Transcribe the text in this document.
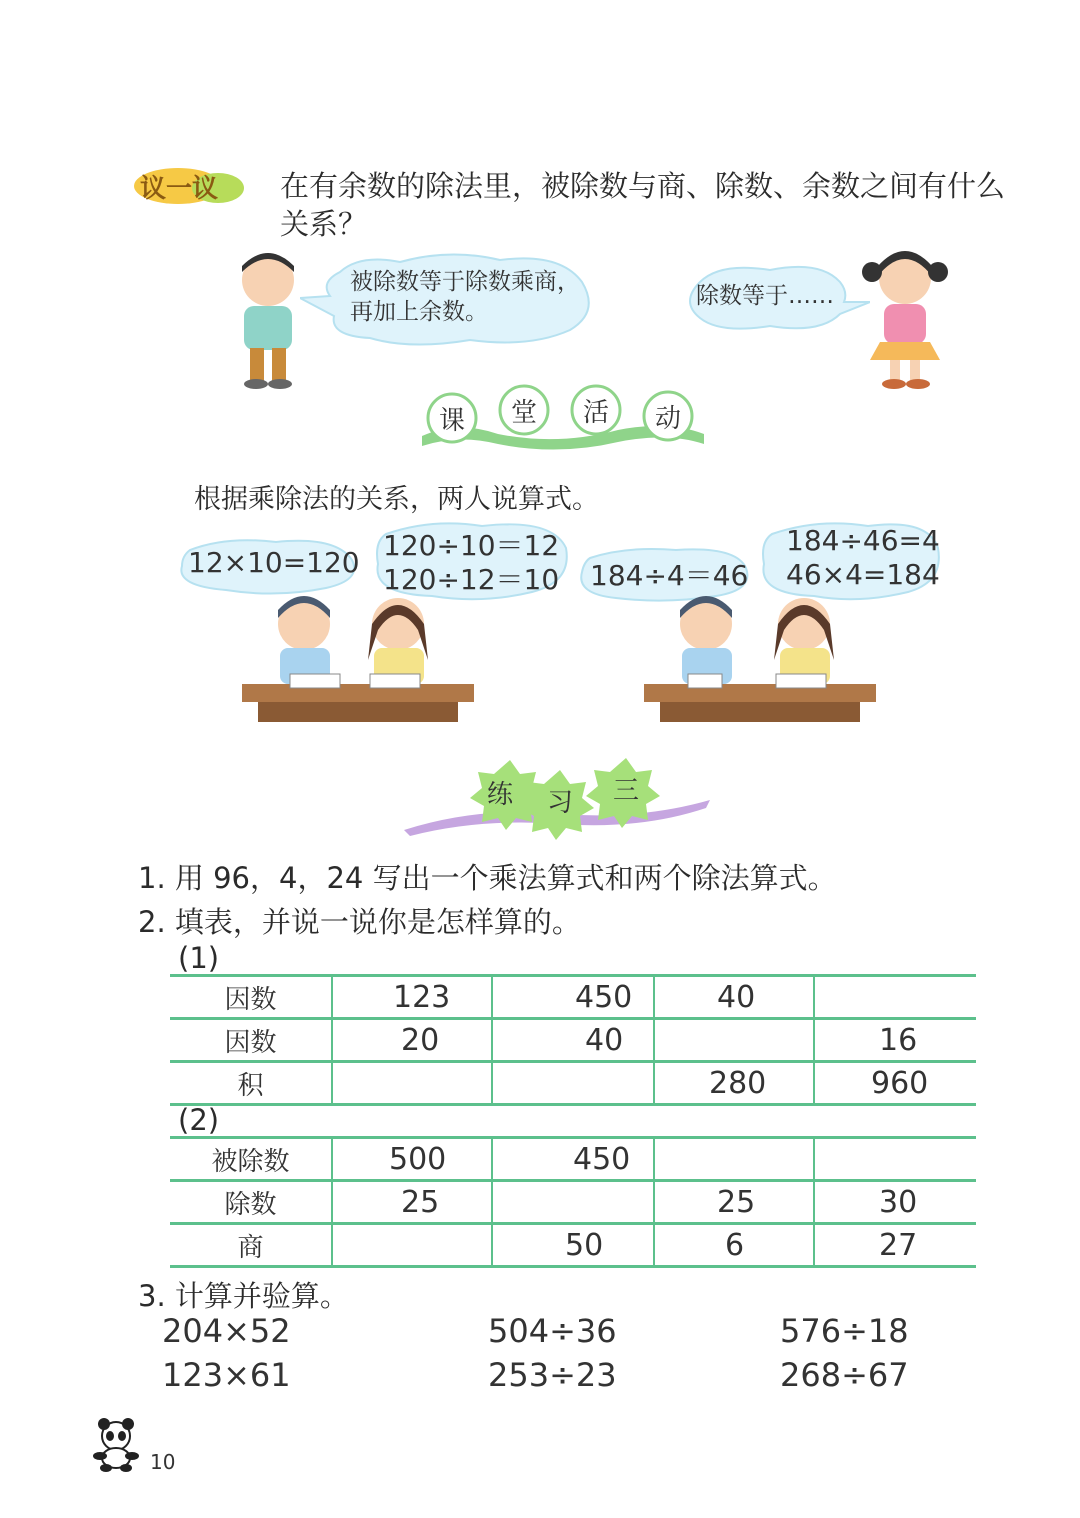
议一议 在有余数的除法里，被除数与商、除数、余数之间有什么
关系？
被除数等于除数乘商，
再加上余数。
除数等于……
课 堂 活 动
根据乘除法的关系，两人说算式。
12×10=120
120÷10＝12
120÷12＝10 184÷4＝46
184÷46=4
46×4=184
练 习 三
1. 用 96，4，24 写出一个乘法算式和两个除法算式。
2. 填表，并说一说你是怎样算的。
(1)
因数	123	450	40	
因数	20	40		16
积			280	960
(2)
被除数	500	450		
除数	25		25	30
商		50	6	27
3. 计算并验算。
204×52	504÷36	576÷18
123×61	253÷23	268÷67
10
